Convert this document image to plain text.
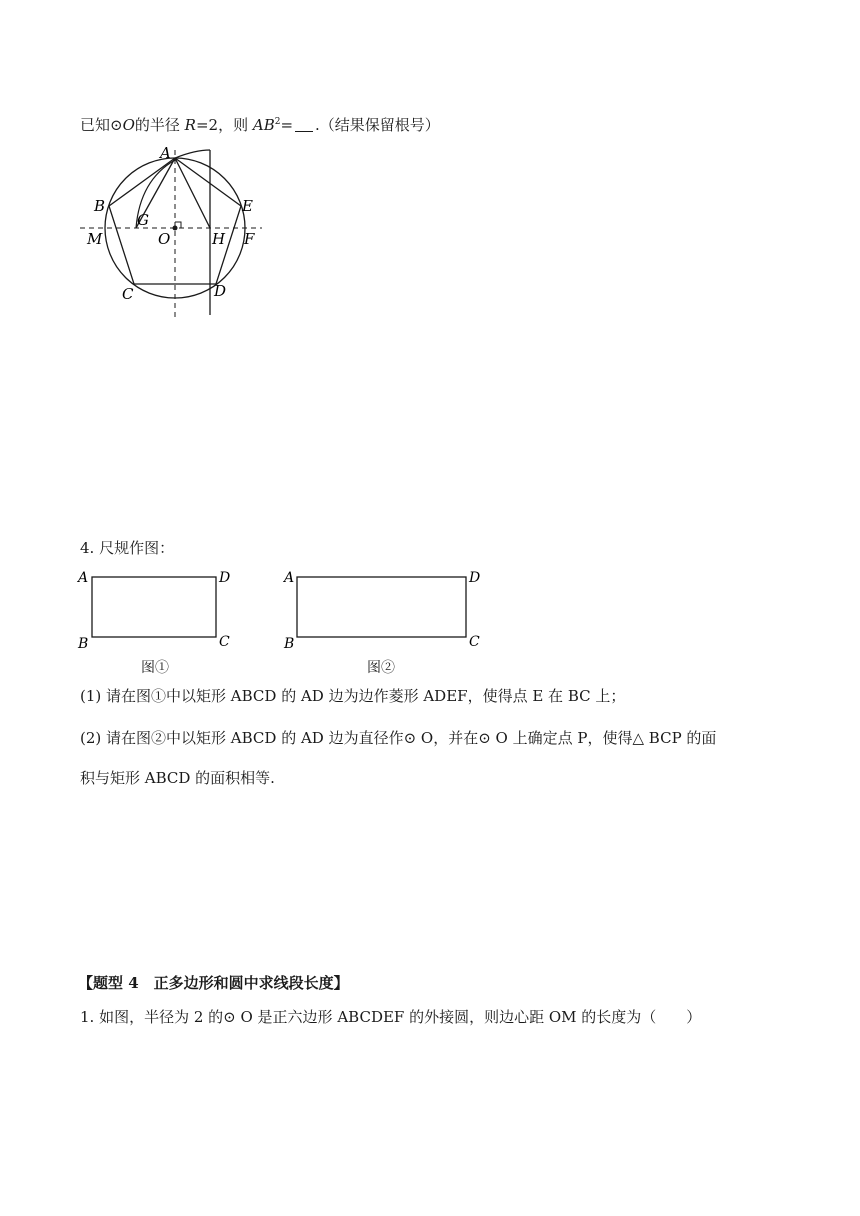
已知⊙O的半径 R=2，则 $AB^2=$ .（结果保留根号）
A
B
C	D
E
F
G
H
M	O
4. 尺规作图：
A	D
B	C
图①
A	D
B	C
图②
(1) 请在图①中以矩形 ABCD 的 AD 边为边作菱形 ADEF，使得点 E 在 BC 上；
(2) 请在图②中以矩形 ABCD 的 AD 边为直径作⊙ O，并在⊙ O 上确定点 P，使得△ BCP 的面
积与矩形 ABCD 的面积相等.
【题型 4　正多边形和圆中求线段长度】
1. 如图，半径为 2 的⊙ O 是正六边形 ABCDEF 的外接圆，则边心距 OM 的长度为（　　）
